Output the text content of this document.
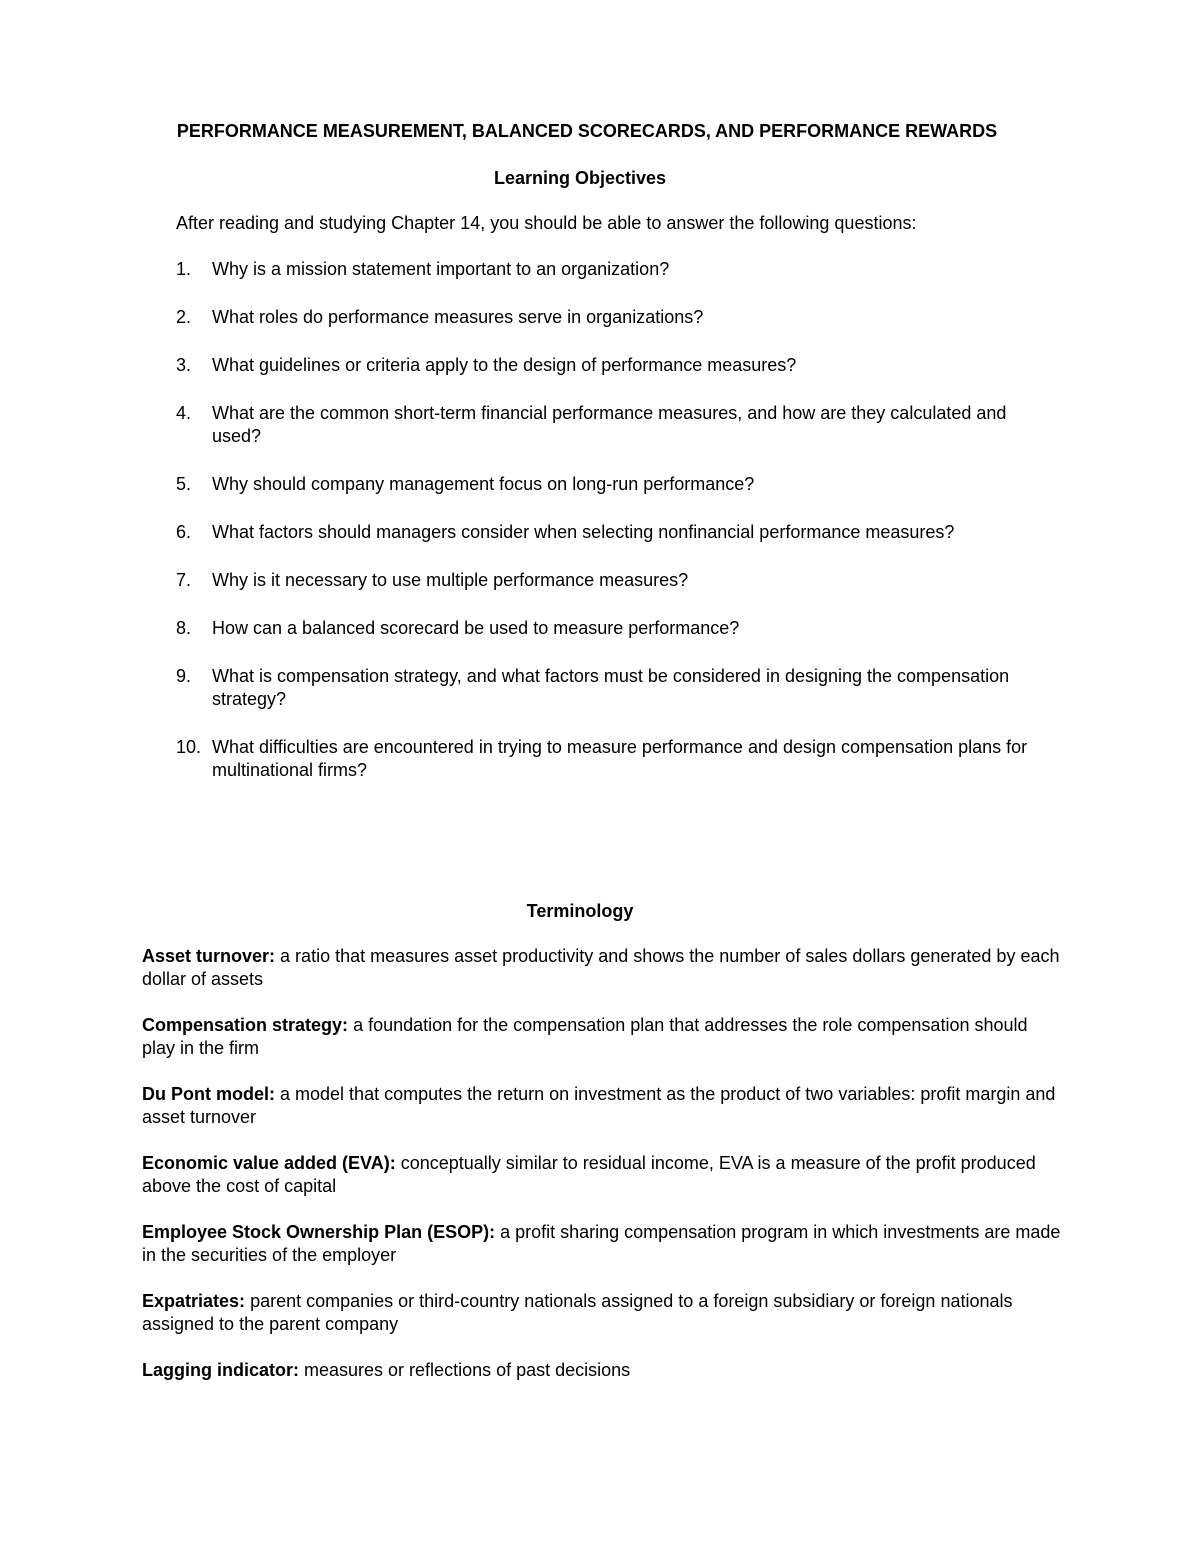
PERFORMANCE MEASUREMENT, BALANCED SCORECARDS, AND PERFORMANCE REWARDS
Learning Objectives
After reading and studying Chapter 14, you should be able to answer the following questions:
1. Why is a mission statement important to an organization?
2. What roles do performance measures serve in organizations?
3. What guidelines or criteria apply to the design of performance measures?
4. What are the common short-term financial performance measures, and how are they calculated and used?
5. Why should company management focus on long-run performance?
6. What factors should managers consider when selecting nonfinancial performance measures?
7. Why is it necessary to use multiple performance measures?
8. How can a balanced scorecard be used to measure performance?
9. What is compensation strategy, and what factors must be considered in designing the compensation strategy?
10. What difficulties are encountered in trying to measure performance and design compensation plans for multinational firms?
Terminology
Asset turnover: a ratio that measures asset productivity and shows the number of sales dollars generated by each dollar of assets
Compensation strategy: a foundation for the compensation plan that addresses the role compensation should play in the firm
Du Pont model: a model that computes the return on investment as the product of two variables: profit margin and asset turnover
Economic value added (EVA): conceptually similar to residual income, EVA is a measure of the profit produced above the cost of capital
Employee Stock Ownership Plan (ESOP): a profit sharing compensation program in which investments are made in the securities of the employer
Expatriates: parent companies or third-country nationals assigned to a foreign subsidiary or foreign nationals assigned to the parent company
Lagging indicator: measures or reflections of past decisions
